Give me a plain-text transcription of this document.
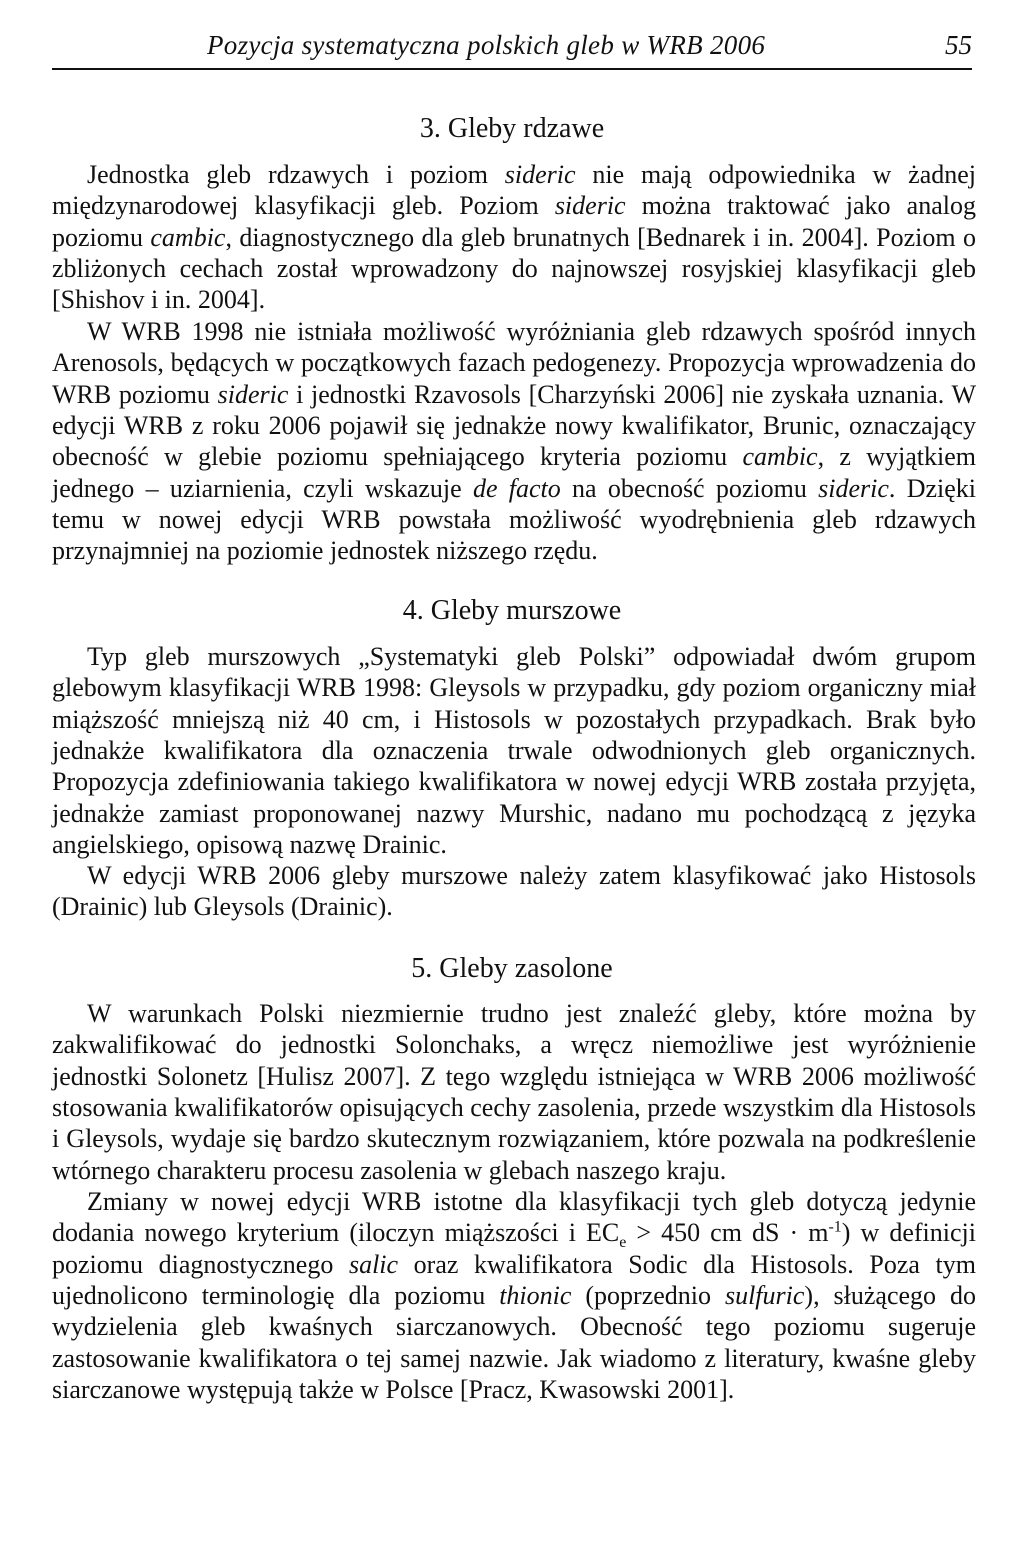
Pozycja systematyczna polskich gleb w WRB 2006	55
3. Gleby rdzawe

Jednostka gleb rdzawych i poziom sideric nie mają odpowiednika w żadnej międzynarodowej klasyfikacji gleb. Poziom sideric można traktować jako analog poziomu cambic, diagnostycznego dla gleb brunatnych [Bednarek i in. 2004]. Poziom o zbliżonych cechach został wprowadzony do najnowszej rosyjskiej klasyfikacji gleb [Shishov i in. 2004].

W WRB 1998 nie istniała możliwość wyróżniania gleb rdzawych spośród innych Arenosols, będących w początkowych fazach pedogenezy. Propozycja wprowadzenia do WRB poziomu sideric i jednostki Rzavosols [Charzyński 2006] nie zyskała uznania. W edycji WRB z roku 2006 pojawił się jednakże nowy kwalifikator, Brunic, oznaczający obecność w glebie poziomu spełniającego kryteria poziomu cambic, z wyjątkiem jednego – uziarnienia, czyli wskazuje de facto na obecność poziomu sideric. Dzięki temu w nowej edycji WRB powstała możliwość wyodrębnienia gleb rdzawych przynajmniej na poziomie jednostek niższego rzędu.

4. Gleby murszowe

Typ gleb murszowych „Systematyki gleb Polski” odpowiadał dwóm grupom glebowym klasyfikacji WRB 1998: Gleysols w przypadku, gdy poziom organiczny miał miąższość mniejszą niż 40 cm, i Histosols w pozostałych przypadkach. Brak było jednakże kwalifikatora dla oznaczenia trwale odwodnionych gleb organicznych. Propozycja zdefiniowania takiego kwalifikatora w nowej edycji WRB została przyjęta, jednakże zamiast proponowanej nazwy Murshic, nadano mu pochodzącą z języka angielskiego, opisową nazwę Drainic.

W edycji WRB 2006 gleby murszowe należy zatem klasyfikować jako Histosols (Drainic) lub Gleysols (Drainic).

5. Gleby zasolone

W warunkach Polski niezmiernie trudno jest znaleźć gleby, które można by zakwalifikować do jednostki Solonchaks, a wręcz niemożliwe jest wyróżnienie jednostki Solonetz [Hulisz 2007]. Z tego względu istniejąca w WRB 2006 możliwość stosowania kwalifikatorów opisujących cechy zasolenia, przede wszystkim dla Histosols i Gleysols, wydaje się bardzo skutecznym rozwiązaniem, które pozwala na podkreślenie wtórnego charakteru procesu zasolenia w glebach naszego kraju.

Zmiany w nowej edycji WRB istotne dla klasyfikacji tych gleb dotyczą jedynie dodania nowego kryterium (iloczyn miąższości i $EC_e > 450$ cm dS · $m^{-1}$) w definicji poziomu diagnostycznego salic oraz kwalifikatora Sodic dla Histosols. Poza tym ujednolicono terminologię dla poziomu thionic (poprzednio sulfuric), służącego do wydzielenia gleb kwaśnych siarczanowych. Obecność tego poziomu sugeruje zastosowanie kwalifikatora o tej samej nazwie. Jak wiadomo z literatury, kwaśne gleby siarczanowe występują także w Polsce [Pracz, Kwasowski 2001].
